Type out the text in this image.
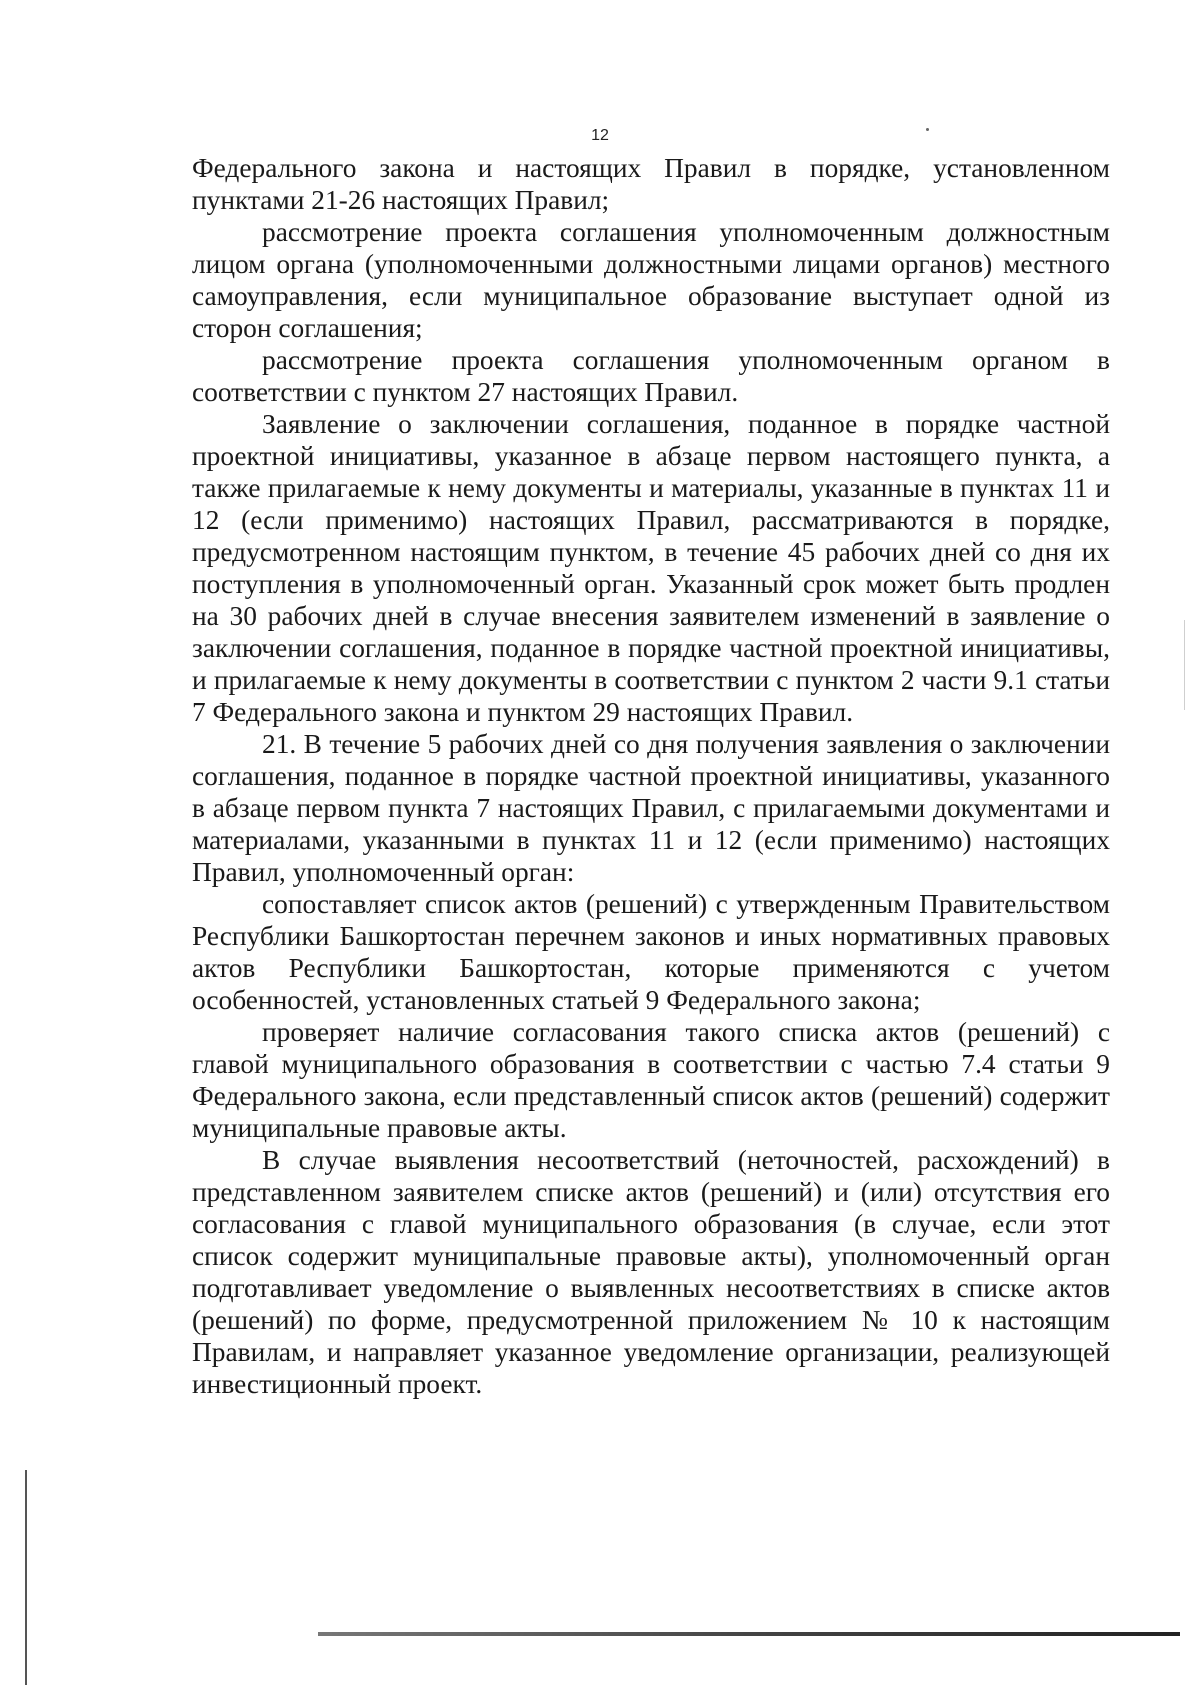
12

Федерального закона и настоящих Правил в порядке, установленном пунктами 21-26 настоящих Правил;

рассмотрение проекта соглашения уполномоченным должностным лицом органа (уполномоченными должностными лицами органов) местного самоуправления, если муниципальное образование выступает одной из сторон соглашения;

рассмотрение проекта соглашения уполномоченным органом в соответствии с пунктом 27 настоящих Правил.

Заявление о заключении соглашения, поданное в порядке частной проектной инициативы, указанное в абзаце первом настоящего пункта, а также прилагаемые к нему документы и материалы, указанные в пунктах 11 и 12 (если применимо) настоящих Правил, рассматриваются в порядке, предусмотренном настоящим пунктом, в течение 45 рабочих дней со дня их поступления в уполномоченный орган. Указанный срок может быть продлен на 30 рабочих дней в случае внесения заявителем изменений в заявление о заключении соглашения, поданное в порядке частной проектной инициативы, и прилагаемые к нему документы в соответствии с пунктом 2 части 9.1 статьи 7 Федерального закона и пунктом 29 настоящих Правил.

21. В течение 5 рабочих дней со дня получения заявления о заключении соглашения, поданное в порядке частной проектной инициативы, указанного в абзаце первом пункта 7 настоящих Правил, с прилагаемыми документами и материалами, указанными в пунктах 11 и 12 (если применимо) настоящих Правил, уполномоченный орган:

сопоставляет список актов (решений) с утвержденным Правительством Республики Башкортостан перечнем законов и иных нормативных правовых актов Республики Башкортостан, которые применяются с учетом особенностей, установленных статьей 9 Федерального закона;

проверяет наличие согласования такого списка актов (решений) с главой муниципального образования в соответствии с частью 7.4 статьи 9 Федерального закона, если представленный список актов (решений) содержит муниципальные правовые акты.

В случае выявления несоответствий (неточностей, расхождений) в представленном заявителем списке актов (решений) и (или) отсутствия его согласования с главой муниципального образования (в случае, если этот список содержит муниципальные правовые акты), уполномоченный орган подготавливает уведомление о выявленных несоответствиях в списке актов (решений) по форме, предусмотренной приложением № 10 к настоящим Правилам, и направляет указанное уведомление организации, реализующей инвестиционный проект.
